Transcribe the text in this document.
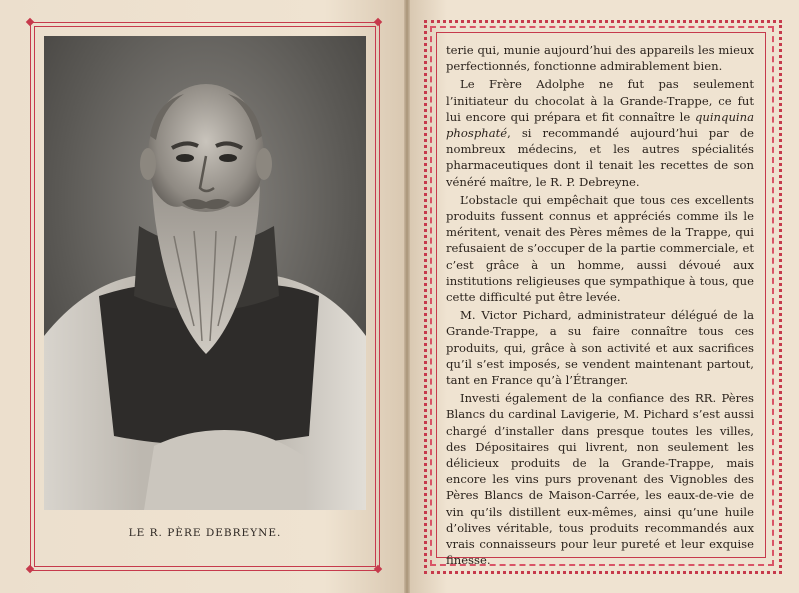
LE R. PÈRE DEBREYNE.

terie qui, munie aujourd’hui des appareils les mieux perfectionnés, fonctionne admirablement bien.

Le Frère Adolphe ne fut pas seulement l’initiateur du chocolat à la Grande-Trappe, ce fut lui encore qui prépara et fit connaître le quinquina phosphaté, si recommandé aujourd’hui par de nombreux médecins, et les autres spécialités pharmaceutiques dont il tenait les recettes de son vénéré maître, le R. P. Debreyne.

L’obstacle qui empêchait que tous ces excellents produits fussent connus et appréciés comme ils le méritent, venait des Pères mêmes de la Trappe, qui refusaient de s’occuper de la partie commerciale, et c’est grâce à un homme, aussi dévoué aux institutions religieuses que sympathique à tous, que cette difficulté put être levée.

M. Victor Pichard, administrateur délégué de la Grande-Trappe, a su faire connaître tous ces produits, qui, grâce à son activité et aux sacrifices qu’il s’est imposés, se vendent maintenant partout, tant en France qu’à l’Étranger.

Investi également de la confiance des RR. Pères Blancs du cardinal Lavigerie, M. Pichard s’est aussi chargé d’installer dans presque toutes les villes, des Dépositaires qui livrent, non seulement les délicieux produits de la Grande-Trappe, mais encore les vins purs provenant des Vignobles des Pères Blancs de Maison-Carrée, les eaux-de-vie de vin qu’ils distillent eux-mêmes, ainsi qu’une huile d’olives véritable, tous produits recommandés aux vrais connaisseurs pour leur pureté et leur exquise finesse.
